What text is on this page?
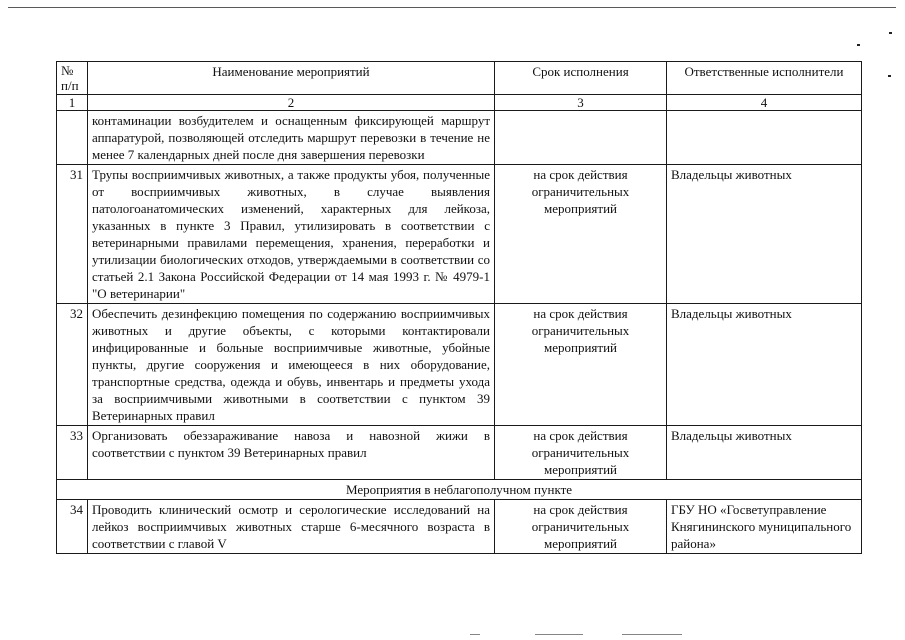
№ п/п	Наименование мероприятий	Срок исполнения	Ответственные исполнители
1	2	3	4
	контаминации возбудителем и оснащенным фиксирующей маршрут аппаратурой, позволяющей отследить маршрут перевозки в течение не менее 7 календарных дней после дня завершения перевозки		
31	Трупы восприимчивых животных, а также продукты убоя, полученные от восприимчивых животных, в случае выявления патологоанатомических изменений, характерных для лейкоза, указанных в пункте 3 Правил, утилизировать в соответствии с ветеринарными правилами перемещения, хранения, переработки и утилизации биологических отходов, утверждаемыми в соответствии со статьей 2.1 Закона Российской Федерации от 14 мая 1993 г. № 4979-1 "О ветеринарии"	на срок действия ограничительных мероприятий	Владельцы животных
32	Обеспечить дезинфекцию помещения по содержанию восприимчивых животных и другие объекты, с которыми контактировали инфицированные и больные восприимчивые животные, убойные пункты, другие сооружения и имеющееся в них оборудование, транспортные средства, одежда и обувь, инвентарь и предметы ухода за восприимчивыми животными в соответствии с пунктом 39 Ветеринарных правил	на срок действия ограничительных мероприятий	Владельцы животных
33	Организовать обеззараживание навоза и навозной жижи в соответствии с пунктом 39 Ветеринарных правил	на срок действия ограничительных мероприятий	Владельцы животных
Мероприятия в неблагополучном пункте			
34	Проводить клинический осмотр и серологические исследований на лейкоз восприимчивых животных старше 6-месячного возраста в соответствии с главой V	на срок действия ограничительных мероприятий	ГБУ НО «Госветуправление Княгининского муниципального района»
